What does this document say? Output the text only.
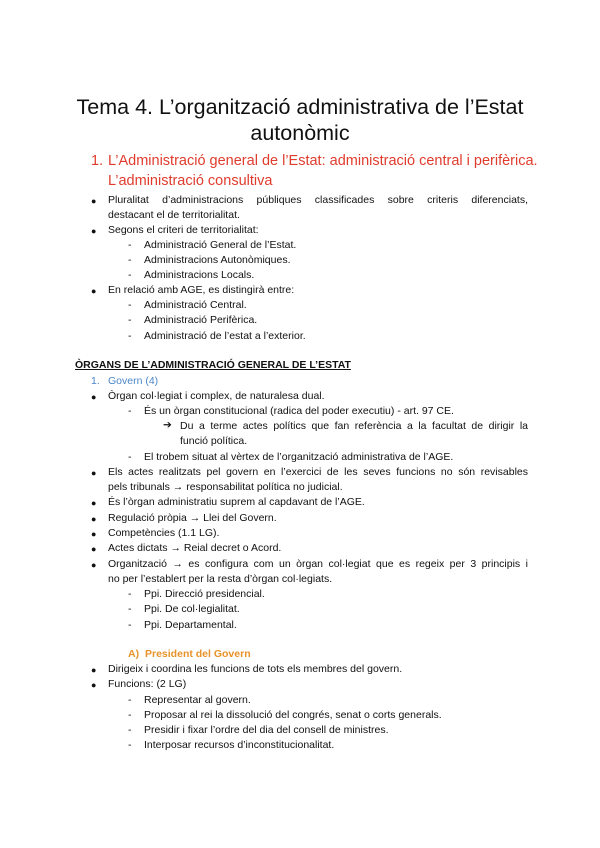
Tema 4. L’organització administrativa de l’Estat
autonòmic
1. L’Administració general de l’Estat: administració central i perifèrica.
L’administració consultiva
● Pluralitat d’administracions públiques classificades sobre criteris diferenciats,
destacant el de territorialitat.
● Segons el criteri de territorialitat:
- Administració General de l’Estat.
- Administracions Autonòmiques.
- Administracions Locals.
● En relació amb AGE, es distingirà entre:
- Administració Central.
- Administració Perifèrica.
- Administració de l’estat a l’exterior.
ÒRGANS DE L’ADMINISTRACIÓ GENERAL DE L’ESTAT
1. Govern (4)
● Òrgan col·legiat i complex, de naturalesa dual.
- És un òrgan constitucional (radica del poder executiu) - art. 97 CE.
➔ Du a terme actes polítics que fan referència a la facultat de dirigir la
funció política.
- El trobem situat al vèrtex de l’organització administrativa de l’AGE.
● Els actes realitzats pel govern en l’exercici de les seves funcions no són revisables
pels tribunals → responsabilitat política no judicial.
● És l’òrgan administratiu suprem al capdavant de l’AGE.
● Regulació pròpia → Llei del Govern.
● Competències (1.1 LG).
● Actes dictats → Reial decret o Acord.
● Organització → es configura com un òrgan col·legiat que es regeix per 3 principis i
no per l’establert per la resta d’òrgan col·legiats.
- Ppi. Direcció presidencial.
- Ppi. De col·legialitat.
- Ppi. Departamental.
A) President del Govern
● Dirigeix i coordina les funcions de tots els membres del govern.
● Funcions: (2 LG)
- Representar al govern.
- Proposar al rei la dissolució del congrés, senat o corts generals.
- Presidir i fixar l’ordre del dia del consell de ministres.
- Interposar recursos d’inconstitucionalitat.
